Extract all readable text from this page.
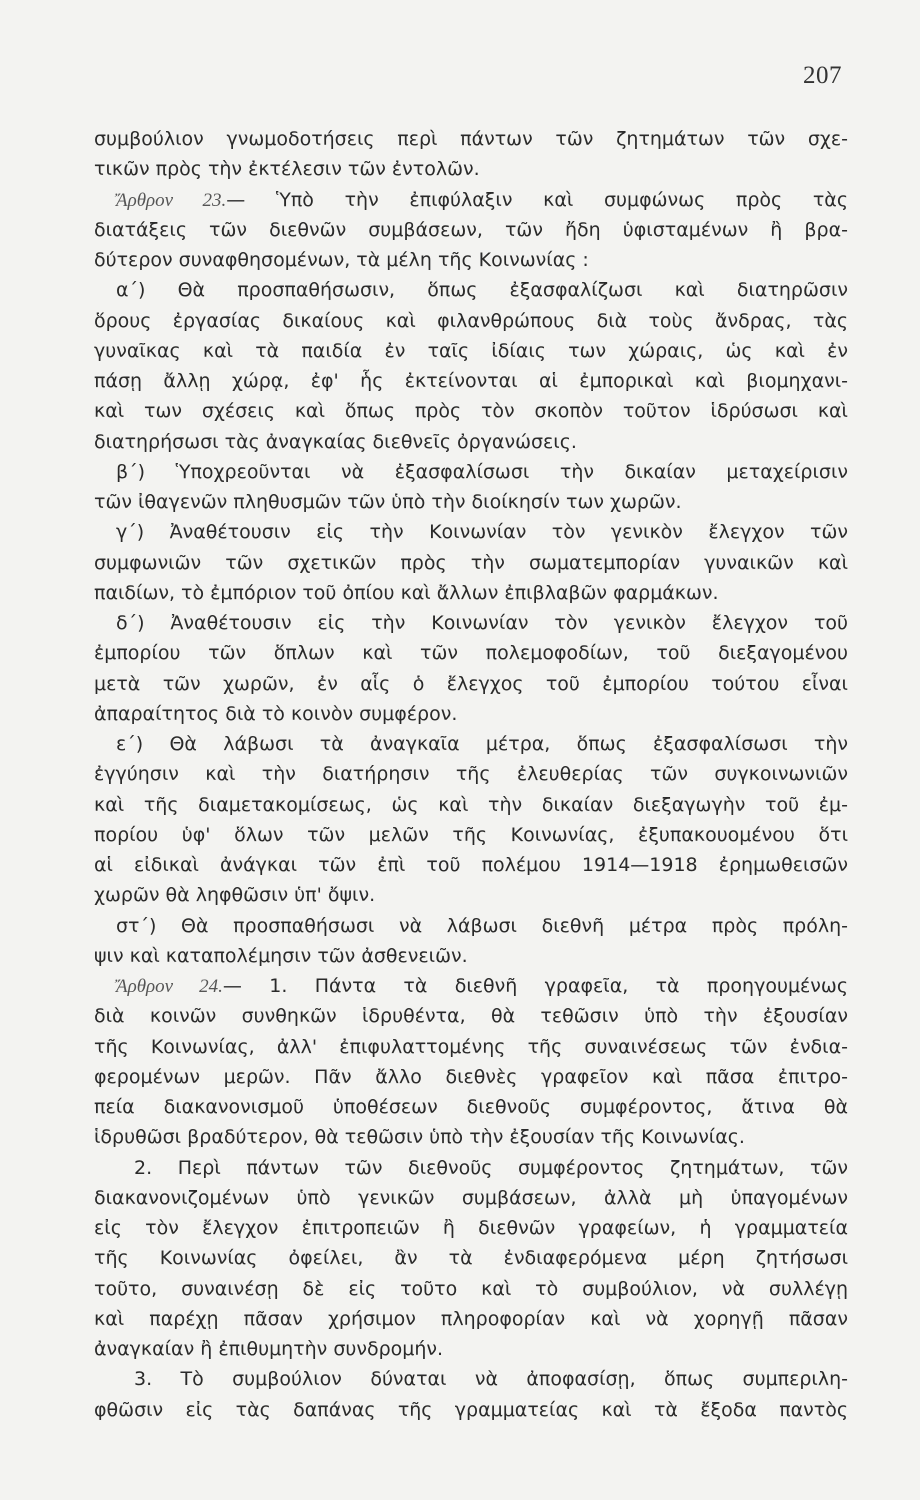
207
συμβούλιον γνωμοδοτήσεις περὶ πάντων τῶν ζητημάτων τῶν σχε-
τικῶν πρὸς τὴν ἐκτέλεσιν τῶν ἐντολῶν.
Ἄρθρον 23.— Ὑπὸ τὴν ἐπιφύλαξιν καὶ συμφώνως πρὸς τὰς
διατάξεις τῶν διεθνῶν συμβάσεων, τῶν ἤδη ὑφισταμένων ἢ βρα-
δύτερον συναφθησομένων, τὰ μέλη τῆς Κοινωνίας :
α΄) Θὰ προσπαθήσωσιν, ὅπως ἐξασφαλίζωσι καὶ διατηρῶσιν
ὅρους ἐργασίας δικαίους καὶ φιλανθρώπους διὰ τοὺς ἄνδρας, τὰς
γυναῖκας καὶ τὰ παιδία ἐν ταῖς ἰδίαις των χώραις, ὡς καὶ ἐν
πάσῃ ἄλλῃ χώρᾳ, ἐφ' ἧς ἐκτείνονται αἱ ἐμπορικαὶ καὶ βιομηχανι-
καὶ των σχέσεις καὶ ὅπως πρὸς τὸν σκοπὸν τοῦτον ἱδρύσωσι καὶ
διατηρήσωσι τὰς ἀναγκαίας διεθνεῖς ὀργανώσεις.
β΄) Ὑποχρεοῦνται νὰ ἐξασφαλίσωσι τὴν δικαίαν μεταχείρισιν
τῶν ἰθαγενῶν πληθυσμῶν τῶν ὑπὸ τὴν διοίκησίν των χωρῶν.
γ΄) Ἀναθέτουσιν εἰς τὴν Κοινωνίαν τὸν γενικὸν ἔλεγχον τῶν
συμφωνιῶν τῶν σχετικῶν πρὸς τὴν σωματεμπορίαν γυναικῶν καὶ
παιδίων, τὸ ἐμπόριον τοῦ ὀπίου καὶ ἄλλων ἐπιβλαβῶν φαρμάκων.
δ΄) Ἀναθέτουσιν εἰς τὴν Κοινωνίαν τὸν γενικὸν ἔλεγχον τοῦ
ἐμπορίου τῶν ὅπλων καὶ τῶν πολεμοφοδίων, τοῦ διεξαγομένου
μετὰ τῶν χωρῶν, ἐν αἷς ὁ ἔλεγχος τοῦ ἐμπορίου τούτου εἶναι
ἀπαραίτητος διὰ τὸ κοινὸν συμφέρον.
ε΄) Θὰ λάβωσι τὰ ἀναγκαῖα μέτρα, ὅπως ἐξασφαλίσωσι τὴν
ἐγγύησιν καὶ τὴν διατήρησιν τῆς ἐλευθερίας τῶν συγκοινωνιῶν
καὶ τῆς διαμετακομίσεως, ὡς καὶ τὴν δικαίαν διεξαγωγὴν τοῦ ἐμ-
πορίου ὑφ' ὅλων τῶν μελῶν τῆς Κοινωνίας, ἐξυπακουομένου ὅτι
αἱ εἰδικαὶ ἀνάγκαι τῶν ἐπὶ τοῦ πολέμου 1914—1918 ἐρημωθεισῶν
χωρῶν θὰ ληφθῶσιν ὑπ' ὄψιν.
στ΄) Θὰ προσπαθήσωσι νὰ λάβωσι διεθνῆ μέτρα πρὸς πρόλη-
ψιν καὶ καταπολέμησιν τῶν ἀσθενειῶν.
Ἄρθρον 24.— 1. Πάντα τὰ διεθνῆ γραφεῖα, τὰ προηγουμένως
διὰ κοινῶν συνθηκῶν ἱδρυθέντα, θὰ τεθῶσιν ὑπὸ τὴν ἐξουσίαν
τῆς Κοινωνίας, ἀλλ' ἐπιφυλαττομένης τῆς συναινέσεως τῶν ἐνδια-
φερομένων μερῶν. Πᾶν ἄλλο διεθνὲς γραφεῖον καὶ πᾶσα ἐπιτρο-
πεία διακανονισμοῦ ὑποθέσεων διεθνοῦς συμφέροντος, ἅτινα θὰ
ἱδρυθῶσι βραδύτερον, θὰ τεθῶσιν ὑπὸ τὴν ἐξουσίαν τῆς Κοινωνίας.
2. Περὶ πάντων τῶν διεθνοῦς συμφέροντος ζητημάτων, τῶν
διακανονιζομένων ὑπὸ γενικῶν συμβάσεων, ἀλλὰ μὴ ὑπαγομένων
εἰς τὸν ἔλεγχον ἐπιτροπειῶν ἢ διεθνῶν γραφείων, ἡ γραμματεία
τῆς Κοινωνίας ὀφείλει, ἂν τὰ ἐνδιαφερόμενα μέρη ζητήσωσι
τοῦτο, συναινέσῃ δὲ εἰς τοῦτο καὶ τὸ συμβούλιον, νὰ συλλέγῃ
καὶ παρέχῃ πᾶσαν χρήσιμον πληροφορίαν καὶ νὰ χορηγῇ πᾶσαν
ἀναγκαίαν ἢ ἐπιθυμητὴν συνδρομήν.
3. Τὸ συμβούλιον δύναται νὰ ἀποφασίσῃ, ὅπως συμπεριλη-
φθῶσιν εἰς τὰς δαπάνας τῆς γραμματείας καὶ τὰ ἔξοδα παντὸς
